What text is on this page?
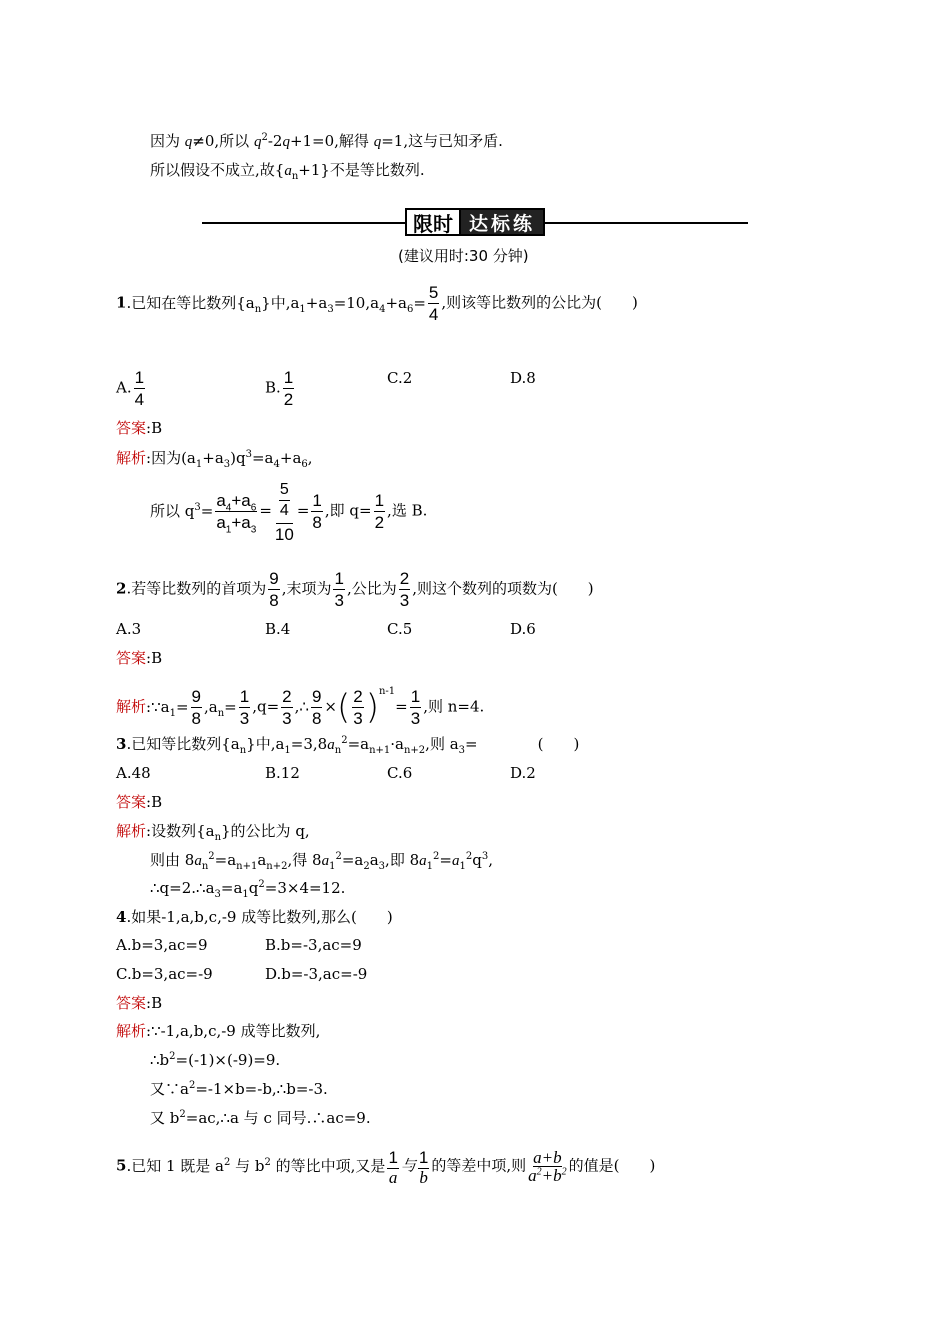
因为 q≠0,所以 $q^2-2q+1=0$,解得 q=1,这与已知矛盾.
所以假设不成立,故$\{a_n+1\}$不是等比数列.
限时 达标练
(建议用时:30 分钟)
1.已知在等比数列$\{a_n\}$中$,a_1+a_3=10,a_4+a_6= \frac{5}{4}$ ,则该等比数列的公比为(　　)
A. $\frac{1}{4}$	B. $\frac{1}{2}$	C.2	D.8
答案:B
解析:因为$(a_1+a_3)q^3=a_4+a_6$,
所以 $q^3= \frac{a_4+a_6}{a_1+a_3} = \frac{\frac{5}{4}}{10} = \frac{1}{8}$ ,即 $q= \frac{1}{2}$ ,选 B.
2.若等比数列的首项为 $\frac{9}{8}$ ,末项为 $\frac{1}{3}$ ,公比为 $\frac{2}{3}$ ,则这个数列的项数为(　　)
A.3	B.4	C.5	D.6
答案:B
解析$:\because a_1= \frac{9}{8} ,a_n= \frac{1}{3} ,q= \frac{2}{3}$ ,∴ $\frac{9}{8}$ ×( $\frac{2}{3} )^{n-1}= \frac{1}{3}$ ,则 n=4.
3.已知等比数列$\{a_n\}$中$,a_1=3,8a_n^2=a_{n+1}\cdot a_{n+2}$,则 $a_3=$　　　　(　　)
A.48	B.12	C.6	D.2
答案:B
解析:设数列$\{a_n\}$的公比为 q,
则由 $8a_n^2=a_{n+1}a_{n+2}$,得 $8a_1^2=a_2a_3$,即 $8a_1^2=a_1^2q^3$,
$\therefore q=2.\therefore a_3=a_1q^2=3\times 4=12$.
4.如果-1,a,b,c,-9 成等比数列,那么(　　)
A.b=3,ac=9	B.b=-3,ac=9
C.b=3,ac=-9	D.b=-3,ac=-9
答案:B
解析:∵-1,a,b,c,-9 成等比数列,
$\therefore b^2=(-1)\times(-9)=9$.
又$\because a^2=-1\times b=-b,\therefore b=-3$.
又 $b^2=ac,\therefore a$ 与 c 同号.∴ac=9.
5.已知 1 既是 $a^2$ 与 $b^2$ 的等比中项,又是 $\frac{1}{a}$ 与 $\frac{1}{b}$ 的等差中项,则 $\frac{a+b}{a^2+b^2}$ 的值是(　　)
